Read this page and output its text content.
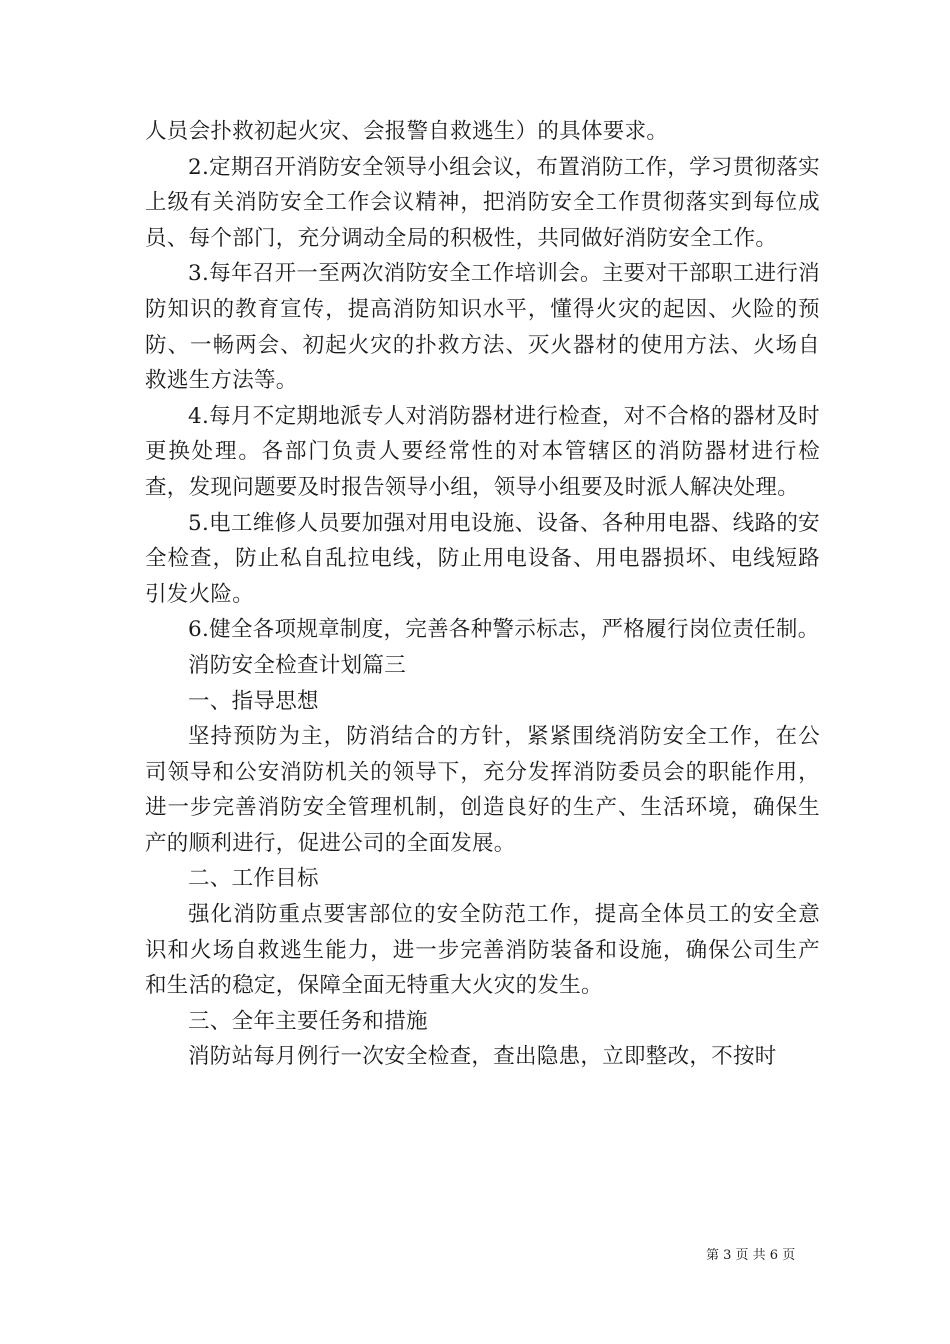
人员会扑救初起火灾、会报警自救逃生）的具体要求。

2.定期召开消防安全领导小组会议，布置消防工作，学习贯彻落实上级有关消防安全工作会议精神，把消防安全工作贯彻落实到每位成员、每个部门，充分调动全局的积极性，共同做好消防安全工作。

3.每年召开一至两次消防安全工作培训会。主要对干部职工进行消防知识的教育宣传，提高消防知识水平，懂得火灾的起因、火险的预防、一畅两会、初起火灾的扑救方法、灭火器材的使用方法、火场自救逃生方法等。

4.每月不定期地派专人对消防器材进行检查，对不合格的器材及时更换处理。各部门负责人要经常性的对本管辖区的消防器材进行检查，发现问题要及时报告领导小组，领导小组要及时派人解决处理。

5.电工维修人员要加强对用电设施、设备、各种用电器、线路的安全检查，防止私自乱拉电线，防止用电设备、用电器损坏、电线短路引发火险。

6.健全各项规章制度，完善各种警示标志，严格履行岗位责任制。

消防安全检查计划篇三

一、指导思想

坚持预防为主，防消结合的方针，紧紧围绕消防安全工作，在公司领导和公安消防机关的领导下，充分发挥消防委员会的职能作用，进一步完善消防安全管理机制，创造良好的生产、生活环境，确保生产的顺利进行，促进公司的全面发展。

二、工作目标

强化消防重点要害部位的安全防范工作，提高全体员工的安全意识和火场自救逃生能力，进一步完善消防装备和设施，确保公司生产和生活的稳定，保障全面无特重大火灾的发生。

三、全年主要任务和措施

消防站每月例行一次安全检查，查出隐患，立即整改，不按时

第 3 页 共 6 页
